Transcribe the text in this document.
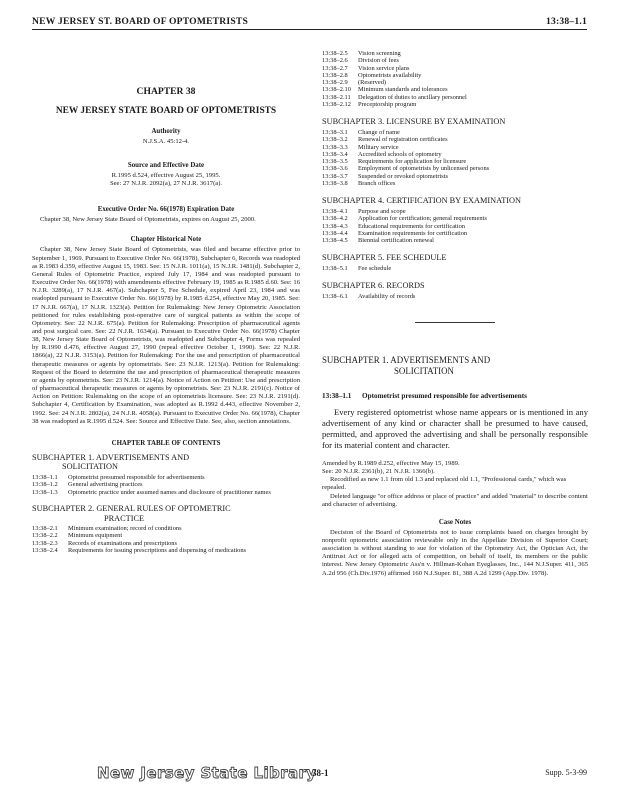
NEW JERSEY ST. BOARD OF OPTOMETRISTS	13:38–1.1
CHAPTER 38
NEW JERSEY STATE BOARD OF OPTOMETRISTS
Authority
N.J.S.A. 45:12-4.
Source and Effective Date
R.1995 d.524, effective August 25, 1995.
See: 27 N.J.R. 2092(a), 27 N.J.R. 3617(a).
Executive Order No. 66(1978) Expiration Date
Chapter 38, New Jersey State Board of Optometrists, expires on August 25, 2000.
Chapter Historical Note
Chapter 38, New Jersey State Board of Optometrists, was filed and became effective prior to September 1, 1969. Pursuant to Executive Order No. 66(1978), Subchapter 6, Records was readopted as R.1983 d.359, effective August 15, 1983. See: 15 N.J.R. 1011(a), 15 N.J.R. 1481(d). Subchapter 2, General Rules of Optometric Practice, expired July 17, 1984 and was readopted pursuant to Executive Order No. 66(1978) with amendments effective February 19, 1985 as R.1985 d.60. See: 16 N.J.R. 3289(a), 17 N.J.R. 467(a). Subchapter 5, Fee Schedule, expired April 23, 1984 and was readopted pursuant to Executive Order No. 66(1978) by R.1985 d.254, effective May 20, 1985. See: 17 N.J.R. 667(a), 17 N.J.R. 1323(a). Petition for Rulemaking: New Jersey Optometric Association petitioned for rules establishing post-operative care of surgical patients as within the scope of Optometry. See: 22 N.J.R. 675(a). Petition for Rulemaking: Prescription of pharmaceutical agents and post surgical care. See: 22 N.J.R. 1634(a). Pursuant to Executive Order No. 66(1978) Chapter 38, New Jersey State Board of Optometrists, was readopted and Subchapter 4, Forms was repealed by R.1990 d.476, effective August 27, 1990 (repeal effective October 1, 1990). See: 22 N.J.R. 1866(a), 22 N.J.R. 3153(a). Petition for Rulemaking: For the use and prescription of pharmaceutical therapeutic measures or agents by optometrists. See: 23 N.J.R. 1213(a). Petition for Rulemaking: Request of the Board to determine the use and prescription of pharmaceutical therapeutic measures or agents by optometrists. See: 23 N.J.R. 1214(a). Notice of Action on Petition: Use and prescription of pharmaceutical therapeutic measures or agents by optometrists. See: 23 N.J.R. 2191(c). Notice of Action on Petition: Rulemaking on the scope of an optometrists licensure. See: 23 N.J.R. 2191(d). Subchapter 4, Certification by Examination, was adopted as R.1992 d.443, effective November 2, 1992. See: 24 N.J.R. 2802(a), 24 N.J.R. 4058(a). Pursuant to Executive Order No. 66(1978), Chapter 38 was readopted as R.1995 d.524. See: Source and Effective Date. See, also, section annotations.
CHAPTER TABLE OF CONTENTS
SUBCHAPTER 1. ADVERTISEMENTS AND
SOLICITATION
13:38–1.1	Optometrist presumed responsible for advertisements
13:38–1.2	General advertising practices
13:38–1.3	Optometric practice under assumed names and disclosure of practitioner names
SUBCHAPTER 2. GENERAL RULES OF OPTOMETRIC
PRACTICE
13:38–2.1	Minimum examination; record of conditions
13:38–2.2	Minimum equipment
13:38–2.3	Records of examinations and prescriptions
13:38–2.4	Requirements for issuing prescriptions and dispensing of medications
13:38–2.5	Vision screening
13:38–2.6	Division of fees
13:38–2.7	Vision service plans
13:38–2.8	Optometrists availability
13:38–2.9	(Reserved)
13:38–2.10	Minimum standards and tolerances
13:38–2.11	Delegation of duties to ancillary personnel
13:38–2.12	Preceptorship program
SUBCHAPTER 3. LICENSURE BY EXAMINATION
13:38–3.1	Change of name
13:38–3.2	Renewal of registration certificates
13:38–3.3	Military service
13:38–3.4	Accredited schools of optometry
13:38–3.5	Requirements for application for licensure
13:38–3.6	Employment of optometrists by unlicensed persons
13:38–3.7	Suspended or revoked optometrists
13:38–3.8	Branch offices
SUBCHAPTER 4. CERTIFICATION BY EXAMINATION
13:38–4.1	Purpose and scope
13:38–4.2	Application for certification; general requirements
13:38–4.3	Educational requirements for certification
13:38–4.4	Examination requirements for certification
13:38–4.5	Biennial certification renewal
SUBCHAPTER 5. FEE SCHEDULE
13:38–5.1	Fee schedule
SUBCHAPTER 6. RECORDS
13:38–6.1	Availability of records
SUBCHAPTER 1. ADVERTISEMENTS AND
SOLICITATION
13:38–1.1	Optometrist presumed responsible for advertisements
Every registered optometrist whose name appears or is mentioned in any advertisement of any kind or character shall be presumed to have caused, permitted, and approved the advertising and shall be personally responsible for its material content and character.
Amended by R.1989 d.252, effective May 15, 1989.
See: 20 N.J.R. 2361(b), 21 N.J.R. 1366(b).
Recodified as new 1.1 from old 1.3 and replaced old 1.1, "Professional cards," which was repealed.
Deleted language "or office address or place of practice" and added "material" to describe content and character of advertising.
Case Notes
Decision of the Board of Optometrists not to issue complaints based on charges brought by nonprofit optometric association reviewable only in the Appellate Division of Superior Court; association is without standing to sue for violation of the Optometry Act, the Optician Act, the Antitrust Act or for alleged acts of competition, on behalf of itself, its members or the public interest. New Jersey Optometric Ass'n v. Hillman-Kohan Eyeglasses, Inc., 144 N.J.Super. 411, 365 A.2d 956 (Ch.Div.1976) affirmed 160 N.J.Super. 81, 388 A.2d 1299 (App.Div. 1978).
New Jersey State Library
38-1	Supp. 5-3-99
